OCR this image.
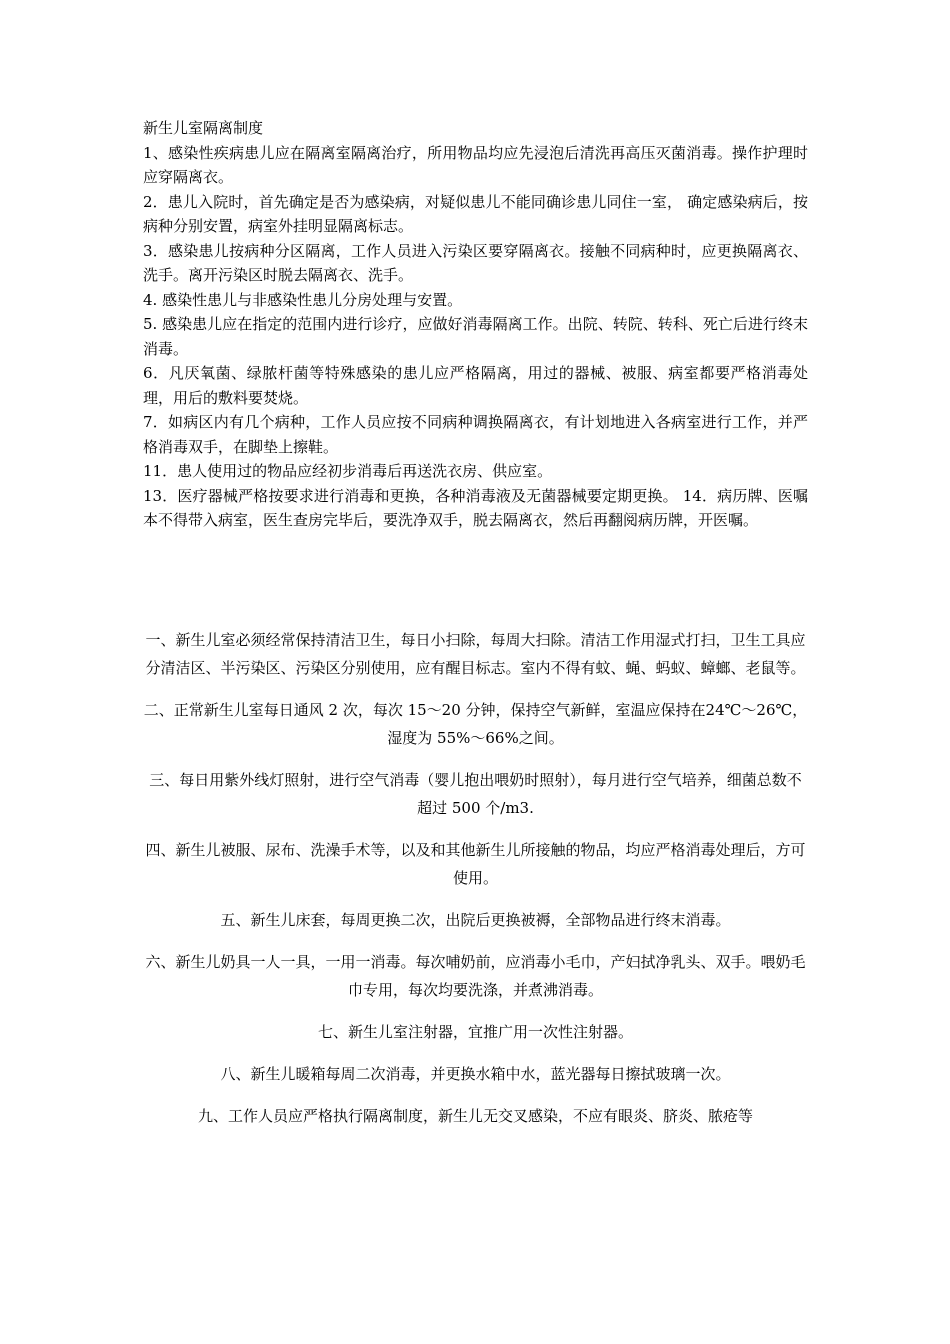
新生儿室隔离制度

1、感染性疾病患儿应在隔离室隔离治疗，所用物品均应先浸泡后清洗再高压灭菌消毒。操作护理时应穿隔离衣。

2．患儿入院时，首先确定是否为感染病，对疑似患儿不能同确诊患儿同住一室， 确定感染病后，按病种分别安置，病室外挂明显隔离标志。

3．感染患儿按病种分区隔离，工作人员进入污染区要穿隔离衣。接触不同病种时，应更换隔离衣、洗手。离开污染区时脱去隔离衣、洗手。

4. 感染性患儿与非感染性患儿分房处理与安置。

5. 感染患儿应在指定的范围内进行诊疗，应做好消毒隔离工作。出院、转院、转科、死亡后进行终末消毒。

6．凡厌氧菌、绿脓杆菌等特殊感染的患儿应严格隔离，用过的器械、被服、病室都要严格消毒处理，用后的敷料要焚烧。

7．如病区内有几个病种，工作人员应按不同病种调换隔离衣，有计划地进入各病室进行工作，并严格消毒双手，在脚垫上擦鞋。

11．患人使用过的物品应经初步消毒后再送洗衣房、供应室。

13．医疗器械严格按要求进行消毒和更换，各种消毒液及无菌器械要定期更换。 14．病历牌、医嘱本不得带入病室，医生查房完毕后，要洗净双手，脱去隔离衣，然后再翻阅病历牌，开医嘱。

一、新生儿室必须经常保持清洁卫生，每日小扫除，每周大扫除。清洁工作用湿式打扫，卫生工具应分清洁区、半污染区、污染区分别使用，应有醒目标志。室内不得有蚊、蝇、蚂蚁、蟑螂、老鼠等。

二、正常新生儿室每日通风 2 次，每次 15～20 分钟，保持空气新鲜，室温应保持在24℃～26℃，湿度为 55%～66%之间。

三、每日用紫外线灯照射，进行空气消毒（婴儿抱出喂奶时照射），每月进行空气培养，细菌总数不超过 500 个/m3.

四、新生儿被服、尿布、洗澡手术等，以及和其他新生儿所接触的物品，均应严格消毒处理后，方可使用。

五、新生儿床套，每周更换二次，出院后更换被褥，全部物品进行终末消毒。

六、新生儿奶具一人一具，一用一消毒。每次哺奶前，应消毒小毛巾，产妇拭净乳头、双手。喂奶毛巾专用，每次均要洗涤，并煮沸消毒。

七、新生儿室注射器，宜推广用一次性注射器。

八、新生儿暖箱每周二次消毒，并更换水箱中水，蓝光器每日擦拭玻璃一次。

九、工作人员应严格执行隔离制度，新生儿无交叉感染，不应有眼炎、脐炎、脓疮等
